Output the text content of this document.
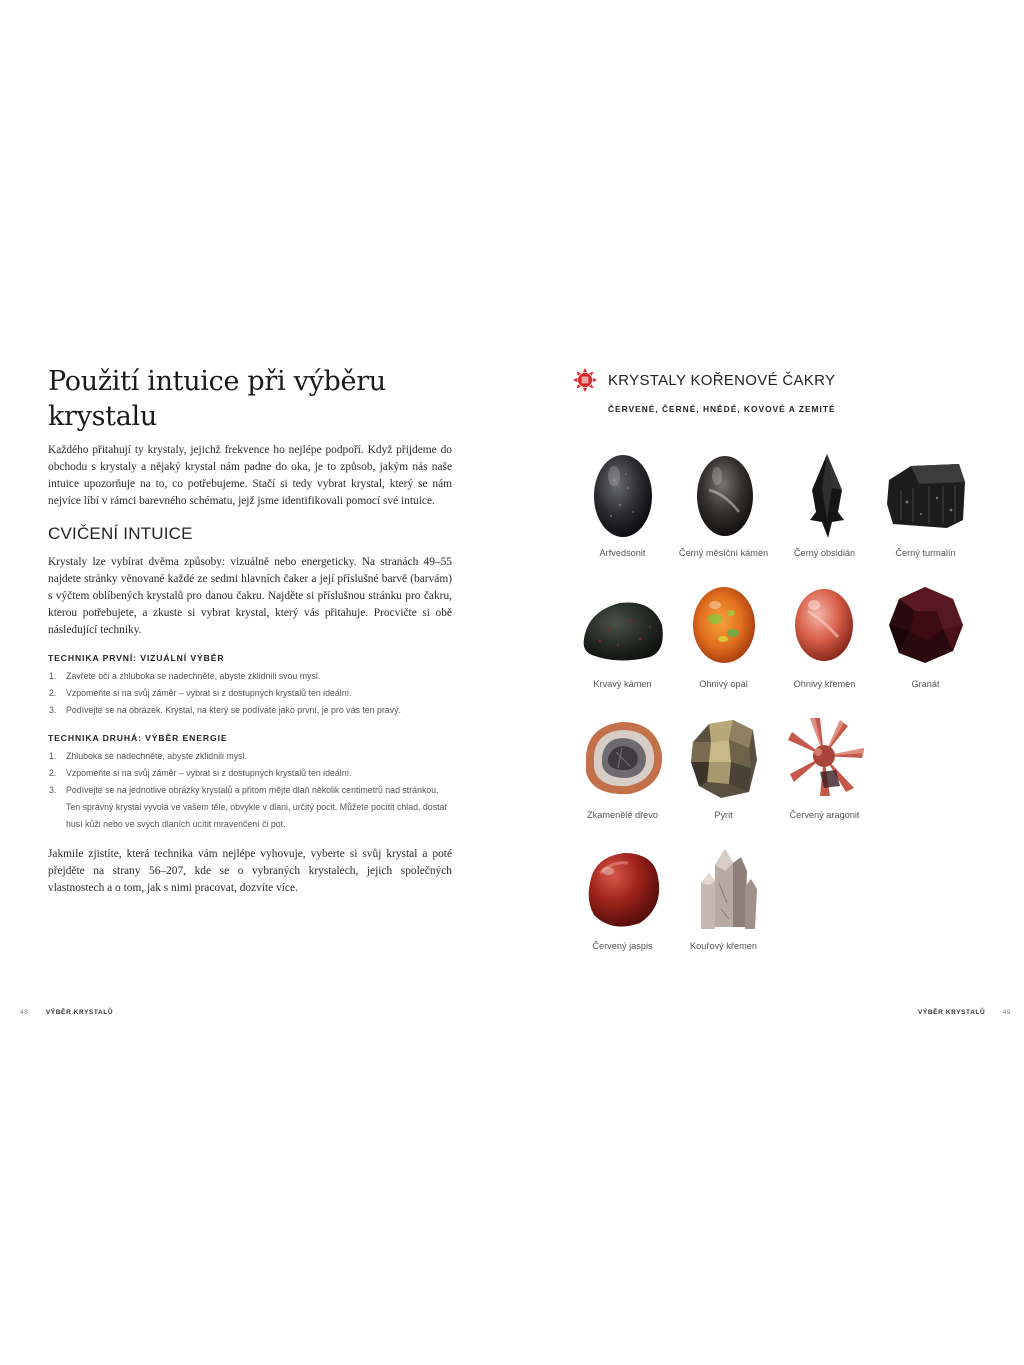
Použití intuice při výběru krystalu

Každého přitahují ty krystaly, jejichž frekvence ho nejlépe podpoří. Když přijdeme do obchodu s krystaly a nějaký krystal nám padne do oka, je to způsob, jakým nás naše intuice upozorňuje na to, co potřebujeme. Stačí si tedy vybrat krystal, který se nám nejvíce líbí v rámci barevného schématu, jejž jsme identifikovali pomocí své intuice.

CVIČENÍ INTUICE

Krystaly lze vybírat dvěma způsoby: vizuálně nebo energeticky. Na stranách 49–55 najdete stránky věnované každé ze sedmi hlavních čaker a její příslušné barvě (barvám) s výčtem oblíbených krystalů pro danou čakru. Najděte si příslušnou stránku pro čakru, kterou potřebujete, a zkuste si vybrat krystal, který vás přitahuje. Procvičte si obě následující techniky.

TECHNIKA PRVNÍ: VIZUÁLNÍ VÝBĚR
1. Zavřete oči a zhluboka se nadechněte, abyste zklidnili svou mysl.
2. Vzpomeňte si na svůj záměr – vybrat si z dostupných krystalů ten ideální.
3. Podívejte se na obrázek. Krystal, na který se podíváte jako první, je pro vás ten pravý.
TECHNIKA DRUHÁ: VÝBĚR ENERGIE
1. Zhluboka se nadechněte, abyste zklidnili mysl.
2. Vzpomeňte si na svůj záměr – vybrat si z dostupných krystalů ten ideální.
3. Podívejte se na jednotlivé obrázky krystalů a přitom mějte dlaň několik centimetrů nad stránkou. Ten správný krystal vyvolá ve vašem těle, obvykle v dlani, určitý pocit. Můžete pocítit chlad, dostat husí kůži nebo ve svých dlaních ucítit mravenčení či pot.

Jakmile zjistíte, která technika vám nejlépe vyhovuje, vyberte si svůj krystal a poté přejděte na strany 56–207, kde se o vybraných krystalech, jejich společných vlastnostech a o tom, jak s nimi pracovat, dozvíte více.

KRYSTALY KOŘENOVÉ ČAKRY
ČERVENÉ, ČERNÉ, HNĚDÉ, KOVOVÉ A ZEMITÉ
Arfvedsonit	Černý měsíční kámen	Černý obsidián	Černý turmalín
Krvavý kámen	Ohnivý opál	Ohnivý křemen	Granát
Zkamenělé dřevo	Pyrit	Červený aragonit
Červený jaspis	Kouřový křemen
48	VÝBĚR KRYSTALŮ	VÝBĚR KRYSTALŮ	49
